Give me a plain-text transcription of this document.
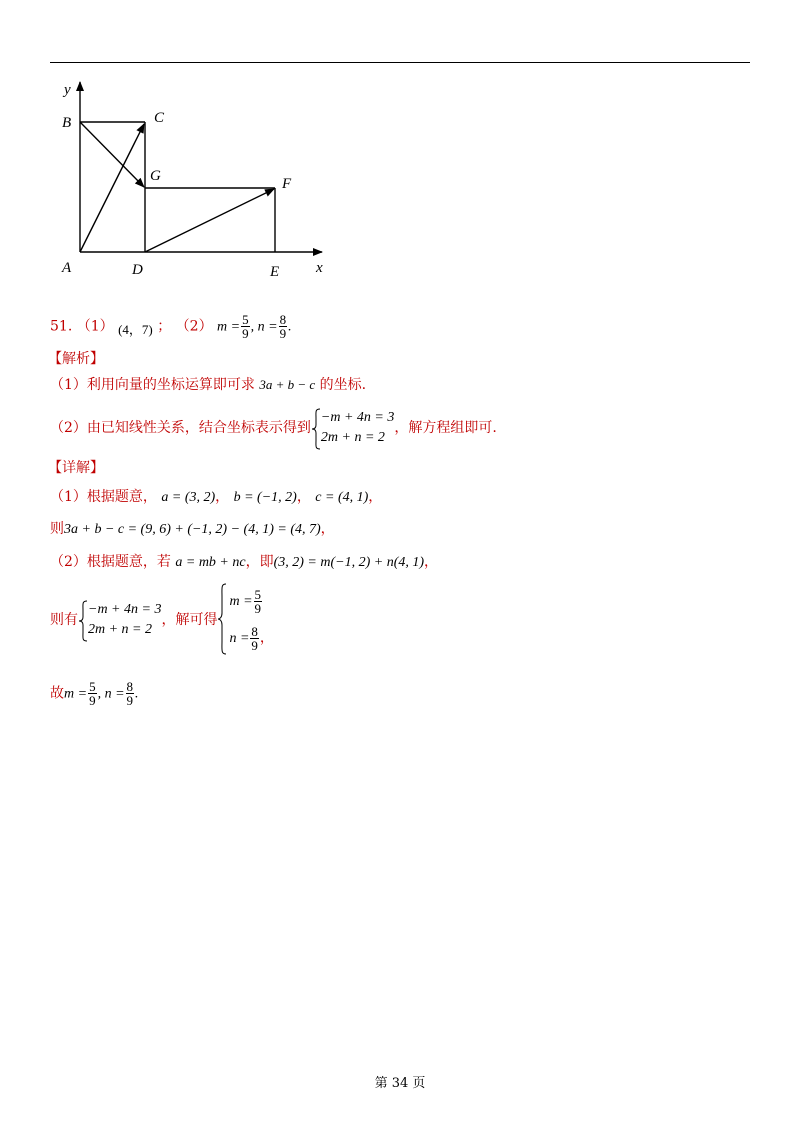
y
B	C
G	F
A	D	E x
51. （1） (4，7) ； （2） $m = \frac{5}{9}$ , $n = \frac{8}{9}$ .
【解析】
（1）利用向量的坐标运算即可求 3a + b − c 的坐标.
（2）由已知线性关系，结合坐标表示得到
−m + 4n = 3
2m + n = 2
，解方程组即可.
【详解】
（1）根据题意， a = (3, 2)， b = (−1, 2)， c = (4, 1)，
则3a + b − c = (9, 6) + (−1, 2) − (4, 1) = (4, 7)，
（2）根据题意，若 a = mb + nc，即(3, 2) = m(−1, 2) + n(4, 1)，
则有
−m + 4n = 3
2m + n = 2
，解可得
$m = \frac{5}{9}$
$n = \frac{8}{9}$ ，
故$m = \frac{5}{9}$ , $n = \frac{8}{9}$ .
第 34 页
